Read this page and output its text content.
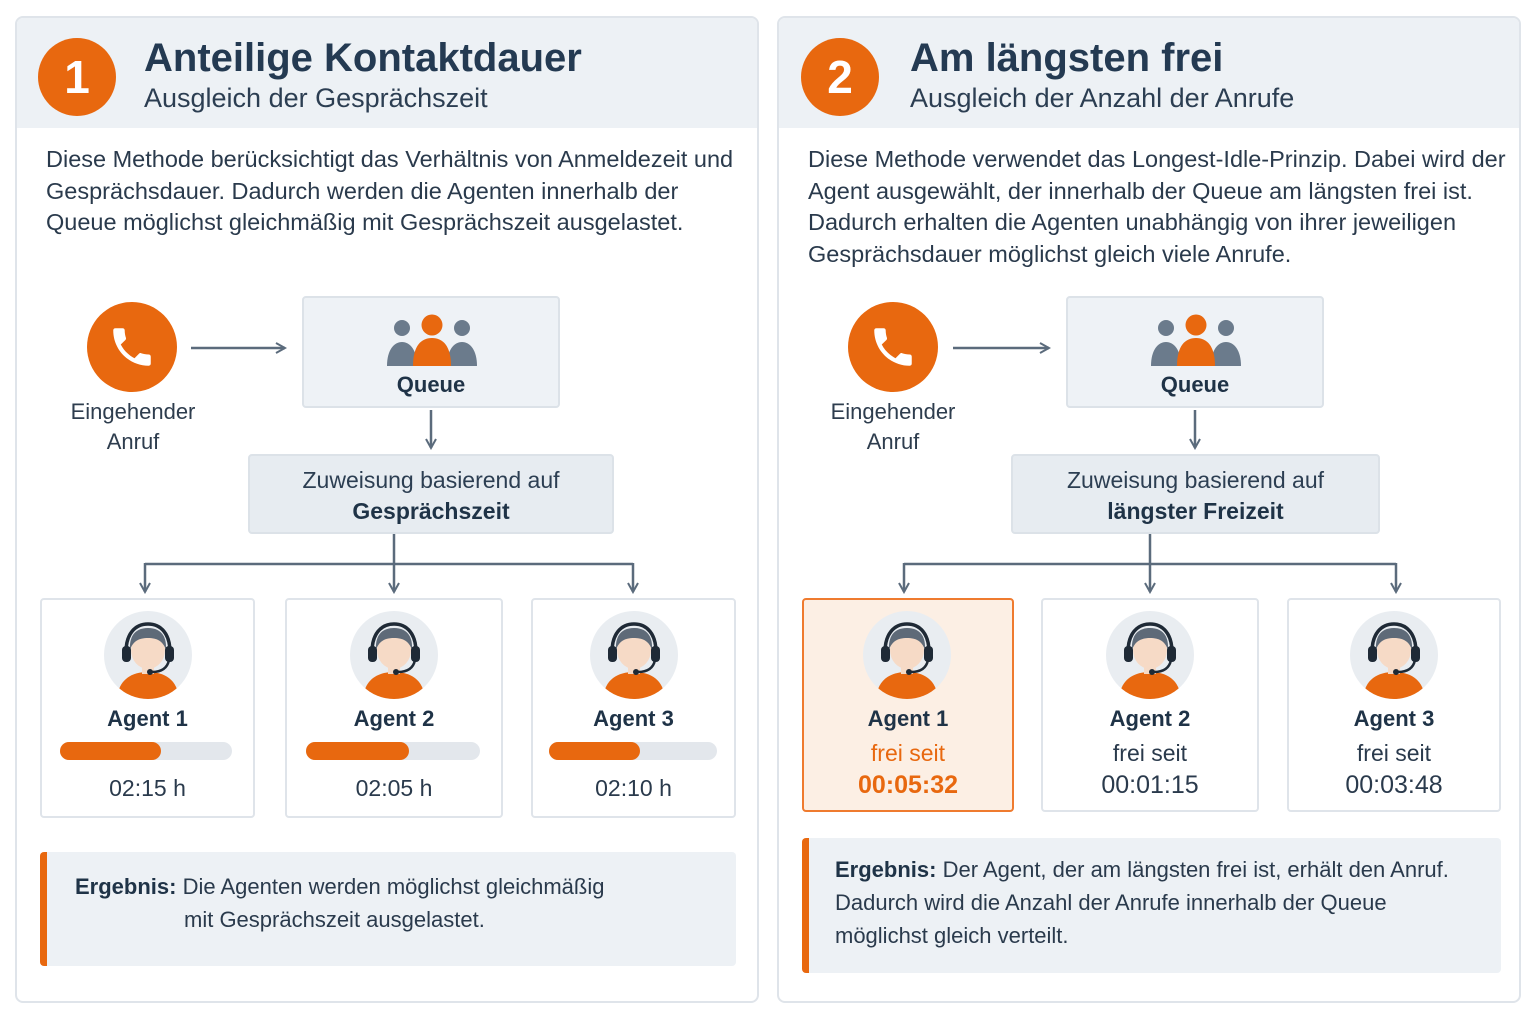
1	Anteilige Kontaktdauer
Ausgleich der Gesprächszeit
Diese Methode berücksichtigt das Verhältnis von Anmeldezeit und Gesprächsdauer. Dadurch werden die Agenten innerhalb der Queue möglichst gleichmäßig mit Gesprächszeit ausgelastet.
Eingehender
Anruf
Queue
Zuweisung basierend auf
Gesprächszeit
Agent 1
02:15 h
Agent 2
02:05 h
Agent 3
02:10 h
Ergebnis: Die Agenten werden möglichst gleichmäßig
mit Gesprächszeit ausgelastet.
2	Am längsten frei
Ausgleich der Anzahl der Anrufe
Diese Methode verwendet das Longest-Idle-Prinzip. Dabei wird der Agent ausgewählt, der innerhalb der Queue am längsten frei ist. Dadurch erhalten die Agenten unabhängig von ihrer jeweiligen Gesprächsdauer möglichst gleich viele Anrufe.
Eingehender
Anruf
Queue
Zuweisung basierend auf
längster Freizeit
Agent 1
frei seit
00:05:32
Agent 2
frei seit
00:01:15
Agent 3
frei seit
00:03:48
Ergebnis: Der Agent, der am längsten frei ist, erhält den Anruf.
Dadurch wird die Anzahl der Anrufe innerhalb der Queue
möglichst gleich verteilt.
